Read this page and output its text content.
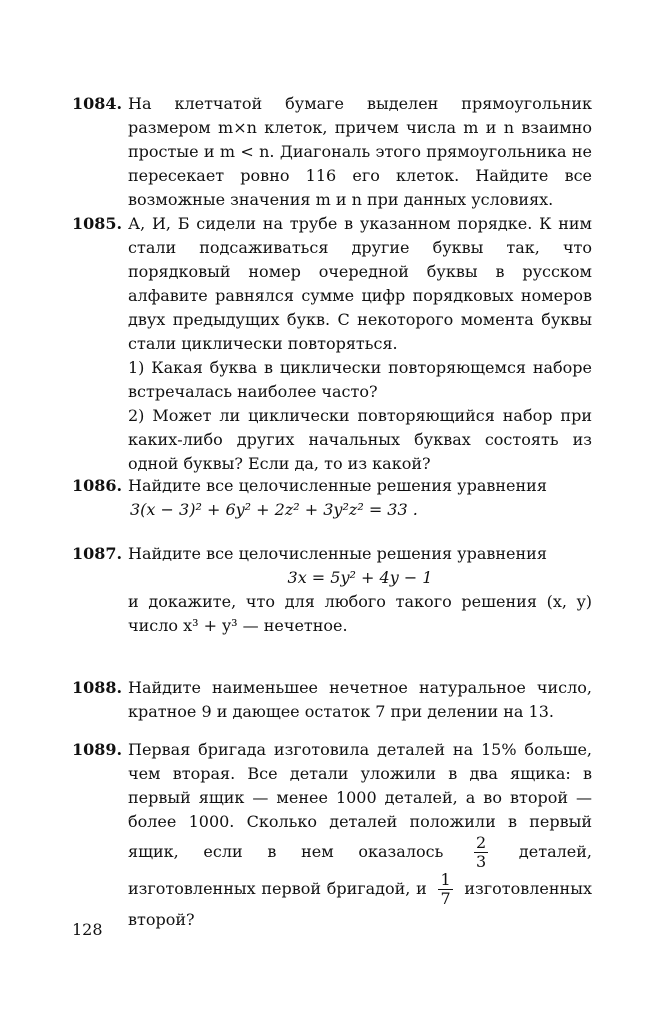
1084. На клетчатой бумаге выделен прямоугольник размером m×n клеток, причем числа m и n взаимно простые и m < n. Диагональ этого прямоугольника не пересекает ровно 116 его клеток. Найдите все возможные значения m и n при данных условиях.

1085. А, И, Б сидели на трубе в указанном порядке. К ним стали подсаживаться другие буквы так, что порядковый номер очередной буквы в русском алфавите равнялся сумме цифр порядковых номеров двух предыдущих букв. С некоторого момента буквы стали циклически повторяться.

1) Какая буква в циклически повторяющемся наборе встречалась наиболее часто?

2) Может ли циклически повторяющийся набор при каких-либо других начальных буквах состоять из одной буквы? Если да, то из какой?

1086. Найдите все целочисленные решения уравнения

3(x − 3)² + 6y² + 2z² + 3y²z² = 33 .

1087. Найдите все целочисленные решения уравнения

3x = 5y² + 4y − 1

и докажите, что для любого такого решения (x, y) число x³ + y³ — нечетное.

1088. Найдите наименьшее нечетное натуральное число, кратное 9 и дающее остаток 7 при делении на 13.

1089. Первая бригада изготовила деталей на 15% больше, чем вторая. Все детали уложили в два ящика: в первый ящик — менее 1000 деталей, а во второй — более 1000. Сколько деталей положили в первый ящик, если в нем оказалось $\frac{2}{3}$ деталей, изготовленных первой бригадой, и $\frac{1}{7}$ изготовленных второй?

128
